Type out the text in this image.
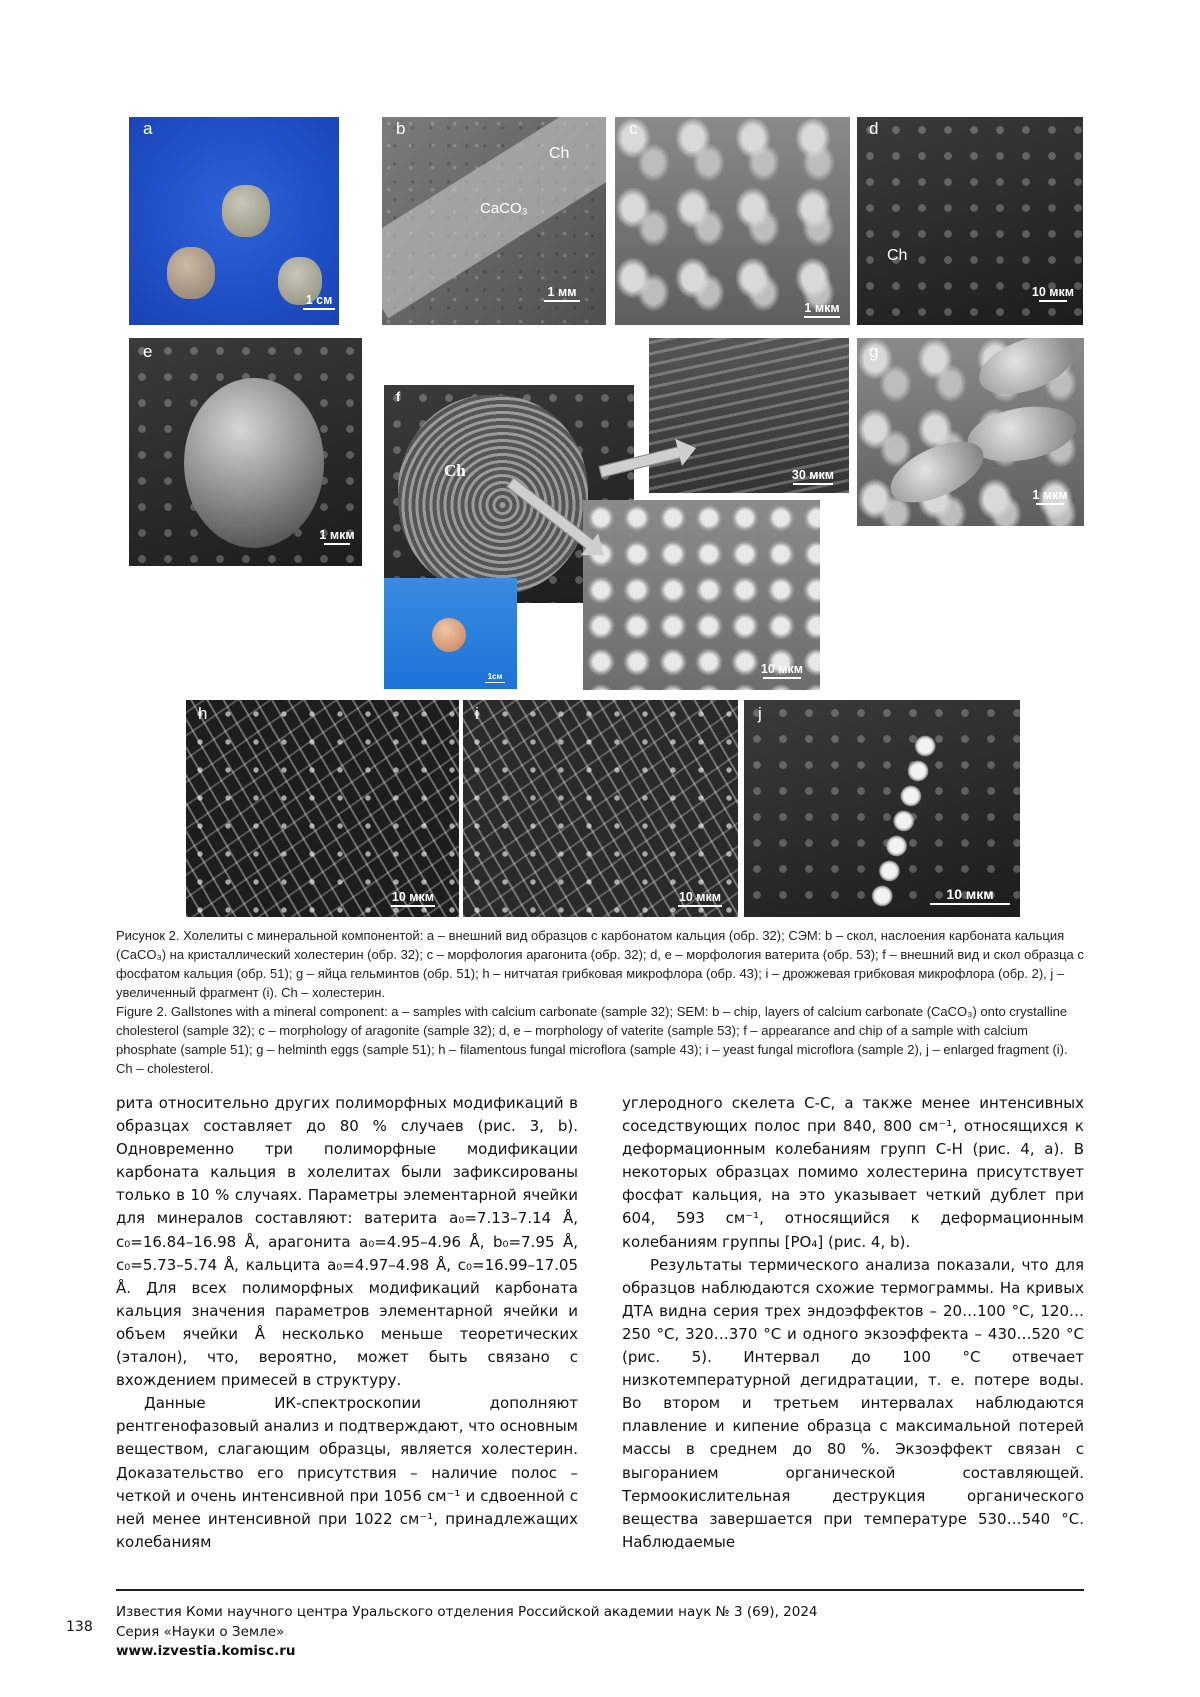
a
1 см
b
Ch
CaCO₃
1 мм
c
1 мкм
d
Ch
10 мкм
e
1 мкм
f
Ch
1см
30 мкм
10 мкм
g
1 мкм
h
10 мкм
i
10 мкм
j
10 мкм
Рисунок 2. Холелиты с минеральной компонентой: a – внешний вид образцов с карбонатом кальция (обр. 32); СЭМ: b – скол, наслоения карбоната кальция (CaCO₃) на кристаллический холестерин (обр. 32); c – морфология арагонита (обр. 32); d, e – морфология ватерита (обр. 53); f – внешний вид и скол образца с фосфатом кальция (обр. 51); g – яйца гельминтов (обр. 51); h – нитчатая грибковая микрофлора (обр. 43); i – дрожжевая грибковая микрофлора (обр. 2), j – увеличенный фрагмент (i). Ch – холестерин.
Figure 2. Gallstones with a mineral component: a – samples with calcium carbonate (sample 32); SEM: b – chip, layers of calcium carbonate (CaCO₃) onto crystalline cholesterol (sample 32); c – morphology of aragonite (sample 32); d, e – morphology of vaterite (sample 53); f – appearance and chip of a sample with calcium phosphate (sample 51); g – helminth eggs (sample 51); h – filamentous fungal microflora (sample 43); i – yeast fungal microflora (sample 2), j – enlarged fragment (i). Ch – cholesterol.

рита относительно других полиморфных модификаций в образцах составляет до 80 % случаев (рис. 3, b). Одновременно три полиморфные модификации карбоната кальция в холелитах были зафиксированы только в 10 % случаях. Параметры элементарной ячейки для минералов составляют: ватерита a₀=7.13–7.14 Å, c₀=16.84–16.98 Å, арагонита a₀=4.95–4.96 Å, b₀=7.95 Å, c₀=5.73–5.74 Å, кальцита a₀=4.97–4.98 Å, c₀=16.99–17.05 Å. Для всех полиморфных модификаций карбоната кальция значения параметров элементарной ячейки и объем ячейки Å несколько меньше теоретических (эталон), что, вероятно, может быть связано с вхождением примесей в структуру.

Данные ИК-спектроскопии дополняют рентгенофазовый анализ и подтверждают, что основным веществом, слагающим образцы, является холестерин. Доказательство его присутствия – наличие полос – четкой и очень интенсивной при 1056 см⁻¹ и сдвоенной с ней менее интенсивной при 1022 см⁻¹, принадлежащих колебаниям

углеродного скелета С-С, а также менее интенсивных соседствующих полос при 840, 800 см⁻¹, относящихся к деформационным колебаниям групп С-Н (рис. 4, a). В некоторых образцах помимо холестерина присутствует фосфат кальция, на это указывает четкий дублет при 604, 593 см⁻¹, относящийся к деформационным колебаниям группы [PO₄] (рис. 4, b).

Результаты термического анализа показали, что для образцов наблюдаются схожие термограммы. На кривых ДТА видна серия трех эндоэффектов – 20…100 °С, 120…250 °С, 320…370 °С и одного экзоэффекта – 430…520 °С (рис. 5). Интервал до 100 °С отвечает низкотемпературной дегидратации, т. е. потере воды. Во втором и третьем интервалах наблюдаются плавление и кипение образца с максимальной потерей массы в среднем до 80 %. Экзоэффект связан с выгоранием органической составляющей. Термоокислительная деструкция органического вещества завершается при температуре 530…540 °С. Наблюдаемые

138
Известия Коми научного центра Уральского отделения Российской академии наук № 3 (69), 2024
Серия «Науки о Земле»
www.izvestia.komisc.ru
